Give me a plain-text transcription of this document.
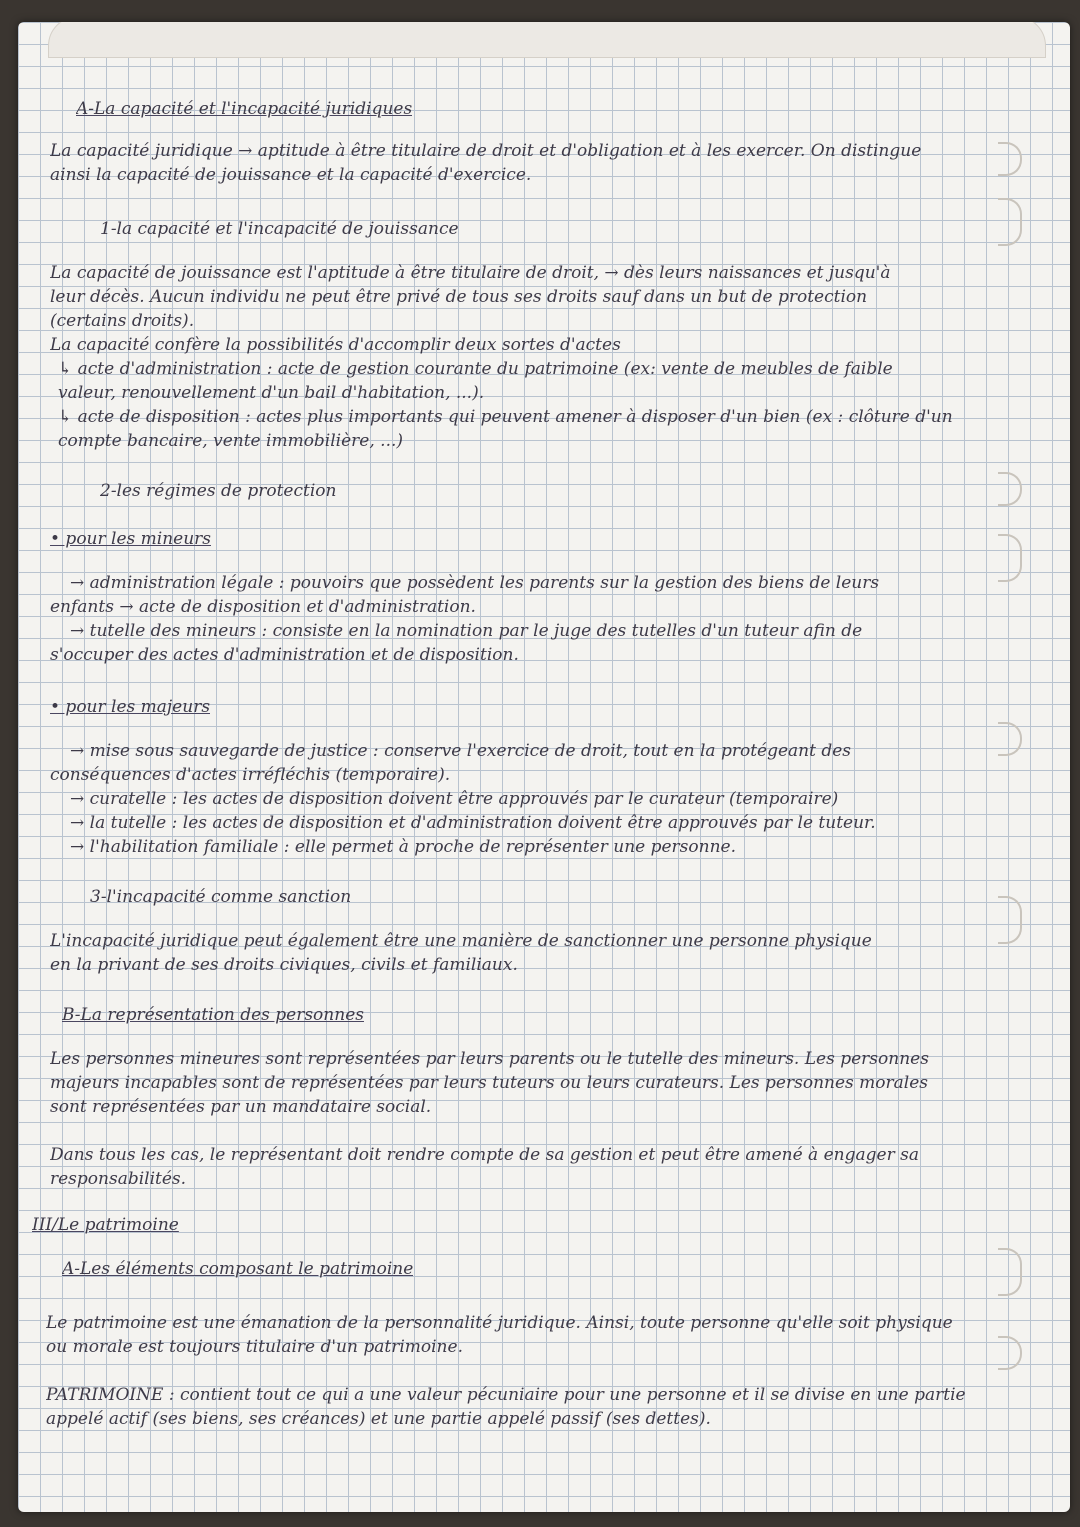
A-La capacité et l'incapacité juridiques
La capacité juridique → aptitude à être titulaire de droit et d'obligation et à les exercer. On distingue
ainsi la capacité de jouissance et la capacité d'exercice.
1-la capacité et l'incapacité de jouissance
La capacité de jouissance est l'aptitude à être titulaire de droit, → dès leurs naissances et jusqu'à
leur décès. Aucun individu ne peut être privé de tous ses droits sauf dans un but de protection
(certains droits).
La capacité confère la possibilités d'accomplir deux sortes d'actes
↳ acte d'administration : acte de gestion courante du patrimoine (ex: vente de meubles de faible
valeur, renouvellement d'un bail d'habitation, ...).
↳ acte de disposition : actes plus importants qui peuvent amener à disposer d'un bien (ex : clôture d'un
compte bancaire, vente immobilière, ...)
2-les régimes de protection
• pour les mineurs
→ administration légale : pouvoirs que possèdent les parents sur la gestion des biens de leurs
enfants → acte de disposition et d'administration.
→ tutelle des mineurs : consiste en la nomination par le juge des tutelles d'un tuteur afin de
s'occuper des actes d'administration et de disposition.
• pour les majeurs
→ mise sous sauvegarde de justice : conserve l'exercice de droit, tout en la protégeant des
conséquences d'actes irréfléchis (temporaire).
→ curatelle : les actes de disposition doivent être approuvés par le curateur (temporaire)
→ la tutelle : les actes de disposition et d'administration doivent être approuvés par le tuteur.
→ l'habilitation familiale : elle permet à proche de représenter une personne.
3-l'incapacité comme sanction
L'incapacité juridique peut également être une manière de sanctionner une personne physique
en la privant de ses droits civiques, civils et familiaux.
B-La représentation des personnes
Les personnes mineures sont représentées par leurs parents ou le tutelle des mineurs. Les personnes
majeurs incapables sont de représentées par leurs tuteurs ou leurs curateurs. Les personnes morales
sont représentées par un mandataire social.
Dans tous les cas, le représentant doit rendre compte de sa gestion et peut être amené à engager sa
responsabilités.
III/Le patrimoine
A-Les éléments composant le patrimoine
Le patrimoine est une émanation de la personnalité juridique. Ainsi, toute personne qu'elle soit physique
ou morale est toujours titulaire d'un patrimoine.
PATRIMOINE : contient tout ce qui a une valeur pécuniaire pour une personne et il se divise en une partie
appelé actif (ses biens, ses créances) et une partie appelé passif (ses dettes).
